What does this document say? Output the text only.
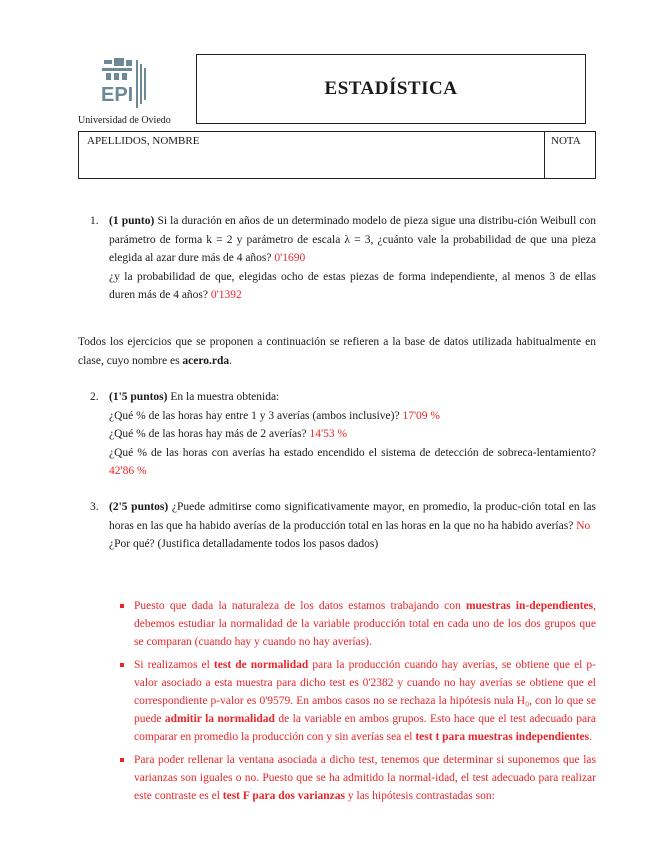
EPI
Universidad de Oviedo
ESTADÍSTICA
APELLIDOS, NOMBRE	NOTA
1. (1 punto) Si la duración en años de un determinado modelo de pieza sigue una distribu-ción Weibull con parámetro de forma k = 2 y parámetro de escala λ = 3, ¿cuánto vale la probabilidad de que una pieza elegida al azar dure más de 4 años? 0'1690
¿y la probabilidad de que, elegidas ocho de estas piezas de forma independiente, al menos 3 de ellas duren más de 4 años? 0'1392
Todos los ejercicios que se proponen a continuación se refieren a la base de datos utilizada habitualmente en clase, cuyo nombre es acero.rda.
2. (1'5 puntos) En la muestra obtenida:
¿Qué % de las horas hay entre 1 y 3 averías (ambos inclusive)? 17'09 %
¿Qué % de las horas hay más de 2 averías? 14'53 %
¿Qué % de las horas con averías ha estado encendido el sistema de detección de sobreca-lentamiento? 42'86 %
3. (2'5 puntos) ¿Puede admitirse como significativamente mayor, en promedio, la produc-ción total en las horas en las que ha habido averías de la producción total en las horas en la que no ha habido averías? No
¿Por qué? (Justifica detalladamente todos los pasos dados)
Puesto que dada la naturaleza de los datos estamos trabajando con muestras in-dependientes, debemos estudiar la normalidad de la variable producción total en cada uno de los dos grupos que se comparan (cuando hay y cuando no hay averías).
Si realizamos el test de normalidad para la producción cuando hay averías, se obtiene que el p-valor asociado a esta muestra para dicho test es 0'2382 y cuando no hay averías se obtiene que el correspondiente p-valor es 0'9579. En ambos casos no se rechaza la hipótesis nula H₀, con lo que se puede admitir la normalidad de la variable en ambos grupos. Esto hace que el test adecuado para comparar en promedio la producción con y sin averías sea el test t para muestras independientes.
Para poder rellenar la ventana asociada a dicho test, tenemos que determinar si suponemos que las varianzas son iguales o no. Puesto que se ha admitido la normal-idad, el test adecuado para realizar este contraste es el test F para dos varianzas y las hipótesis contrastadas son:
